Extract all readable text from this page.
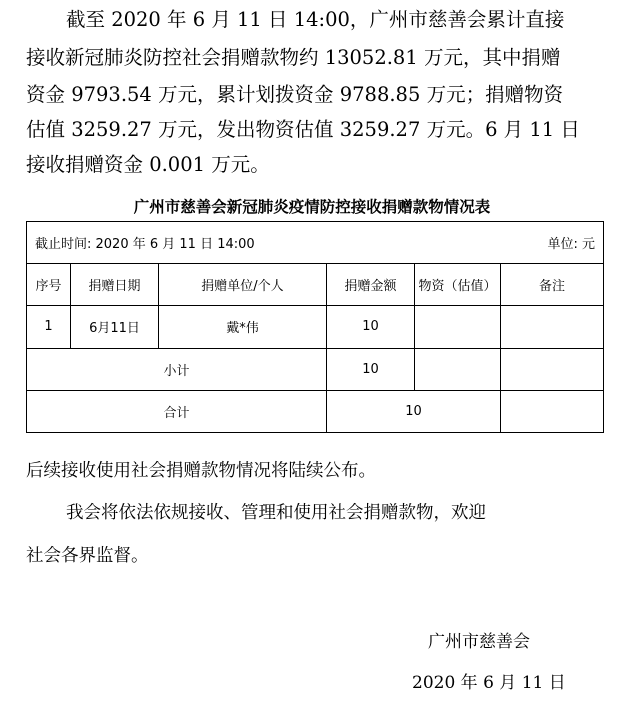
截至 2020 年 6 月 11 日 14:00，广州市慈善会累计直接
接收新冠肺炎防控社会捐赠款物约 13052.81 万元，其中捐赠
资金 9793.54 万元，累计划拨资金 9788.85 万元；捐赠物资
估值 3259.27 万元，发出物资估值 3259.27 万元。6 月 11 日
接收捐赠资金 0.001 万元。
广州市慈善会新冠肺炎疫情防控接收捐赠款物情况表
截止时间: 2020 年 6 月 11 日 14:00 单位: 元					

序号	捐赠日期	捐赠单位/个人	捐赠金额	物资（估值）	备注
1	6月11日	戴*伟	10		
小计			10		
合计			10		
后续接收使用社会捐赠款物情况将陆续公布。
我会将依法依规接收、管理和使用社会捐赠款物，欢迎
社会各界监督。
广州市慈善会
2020 年 6 月 11 日
